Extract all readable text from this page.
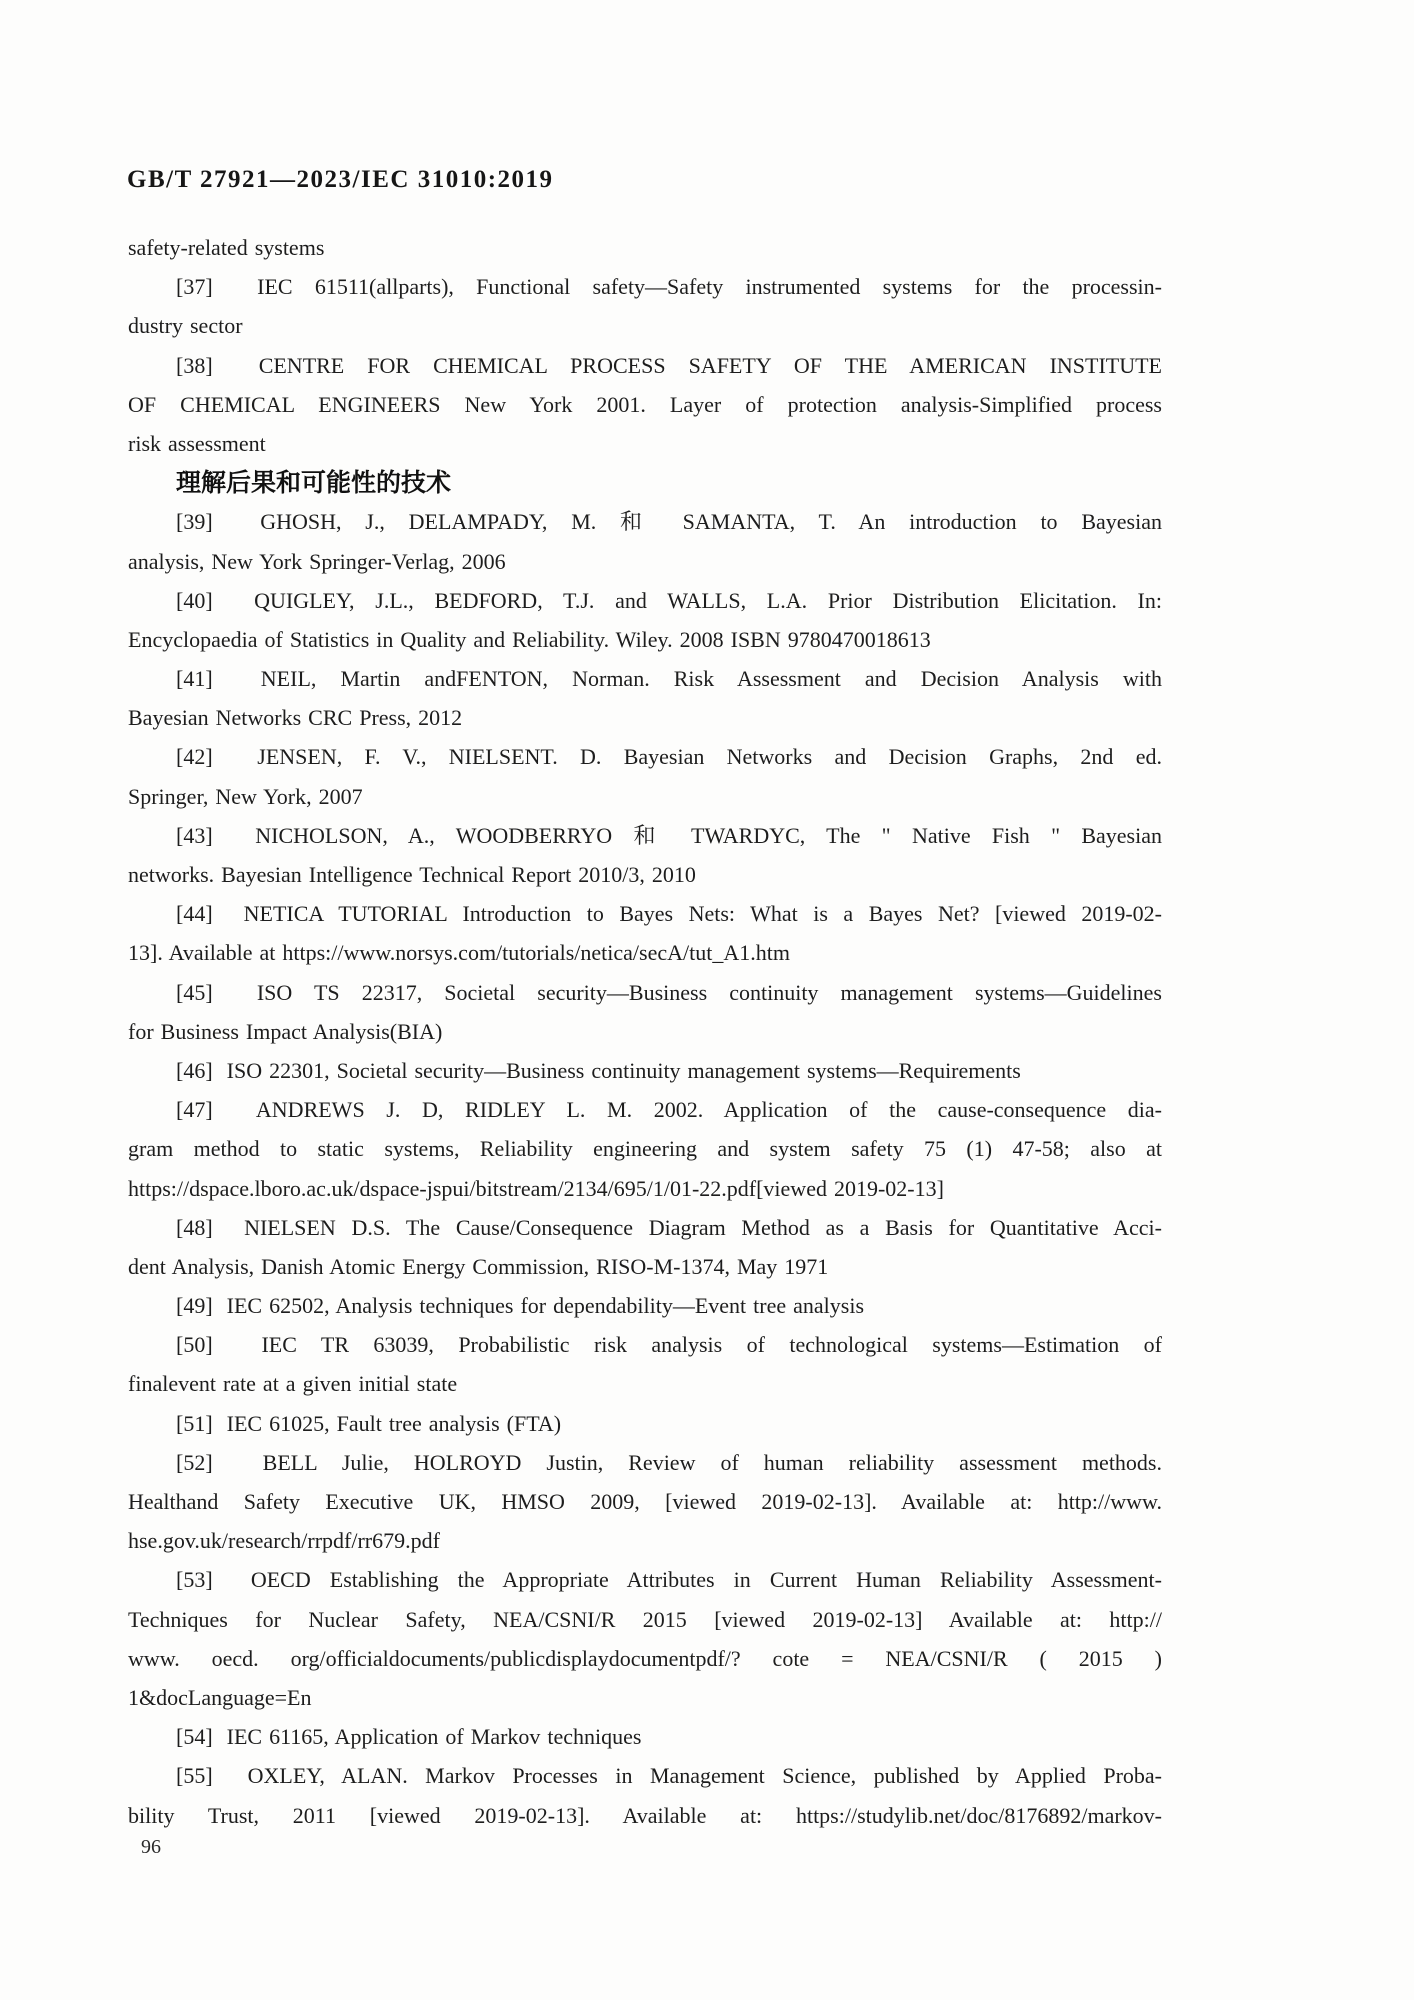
GB/T 27921—2023/IEC 31010:2019
safety-related systems
[37]  IEC 61511(allparts), Functional safety—Safety instrumented systems for the processin-
dustry sector
[38]  CENTRE FOR CHEMICAL PROCESS SAFETY OF THE AMERICAN INSTITUTE
OF CHEMICAL ENGINEERS New York 2001. Layer of protection analysis-Simplified process
risk assessment
理解后果和可能性的技术
[39]  GHOSH, J., DELAMPADY, M. 和 SAMANTA, T. An introduction to Bayesian
analysis, New York Springer-Verlag, 2006
[40]  QUIGLEY, J.L., BEDFORD, T.J. and WALLS, L.A. Prior Distribution Elicitation. In:
Encyclopaedia of Statistics in Quality and Reliability. Wiley. 2008 ISBN 9780470018613
[41]  NEIL, Martin andFENTON, Norman. Risk Assessment and Decision Analysis with
Bayesian Networks CRC Press, 2012
[42]  JENSEN, F. V., NIELSENT. D. Bayesian Networks and Decision Graphs, 2nd ed.
Springer, New York, 2007
[43]  NICHOLSON, A., WOODBERRYO 和 TWARDYC, The " Native Fish " Bayesian
networks. Bayesian Intelligence Technical Report 2010/3, 2010
[44]  NETICA TUTORIAL Introduction to Bayes Nets: What is a Bayes Net? [viewed 2019-02-
13]. Available at https://www.norsys.com/tutorials/netica/secA/tut_A1.htm
[45]  ISO TS 22317, Societal security—Business continuity management systems—Guidelines
for Business Impact Analysis(BIA)
[46]  ISO 22301, Societal security—Business continuity management systems—Requirements
[47]  ANDREWS J. D, RIDLEY L. M. 2002. Application of the cause-consequence dia-
gram method to static systems, Reliability engineering and system safety 75 (1) 47-58; also at
https://dspace.lboro.ac.uk/dspace-jspui/bitstream/2134/695/1/01-22.pdf[viewed 2019-02-13]
[48]  NIELSEN D.S. The Cause/Consequence Diagram Method as a Basis for Quantitative Acci-
dent Analysis, Danish Atomic Energy Commission, RISO-M-1374, May 1971
[49]  IEC 62502, Analysis techniques for dependability—Event tree analysis
[50]  IEC TR 63039, Probabilistic risk analysis of technological systems—Estimation of
finalevent rate at a given initial state
[51]  IEC 61025, Fault tree analysis (FTA)
[52]  BELL Julie, HOLROYD Justin, Review of human reliability assessment methods.
Healthand Safety Executive UK, HMSO 2009, [viewed 2019-02-13]. Available at: http://www.
hse.gov.uk/research/rrpdf/rr679.pdf
[53]  OECD Establishing the Appropriate Attributes in Current Human Reliability Assessment-
Techniques for Nuclear Safety, NEA/CSNI/R 2015 [viewed 2019-02-13] Available at: http://
www. oecd. org/officialdocuments/publicdisplaydocumentpdf/? cote = NEA/CSNI/R ( 2015 )
1&docLanguage=En
[54]  IEC 61165, Application of Markov techniques
[55]  OXLEY, ALAN. Markov Processes in Management Science, published by Applied Proba-
bility Trust, 2011 [viewed 2019-02-13]. Available at: https://studylib.net/doc/8176892/markov-
96
